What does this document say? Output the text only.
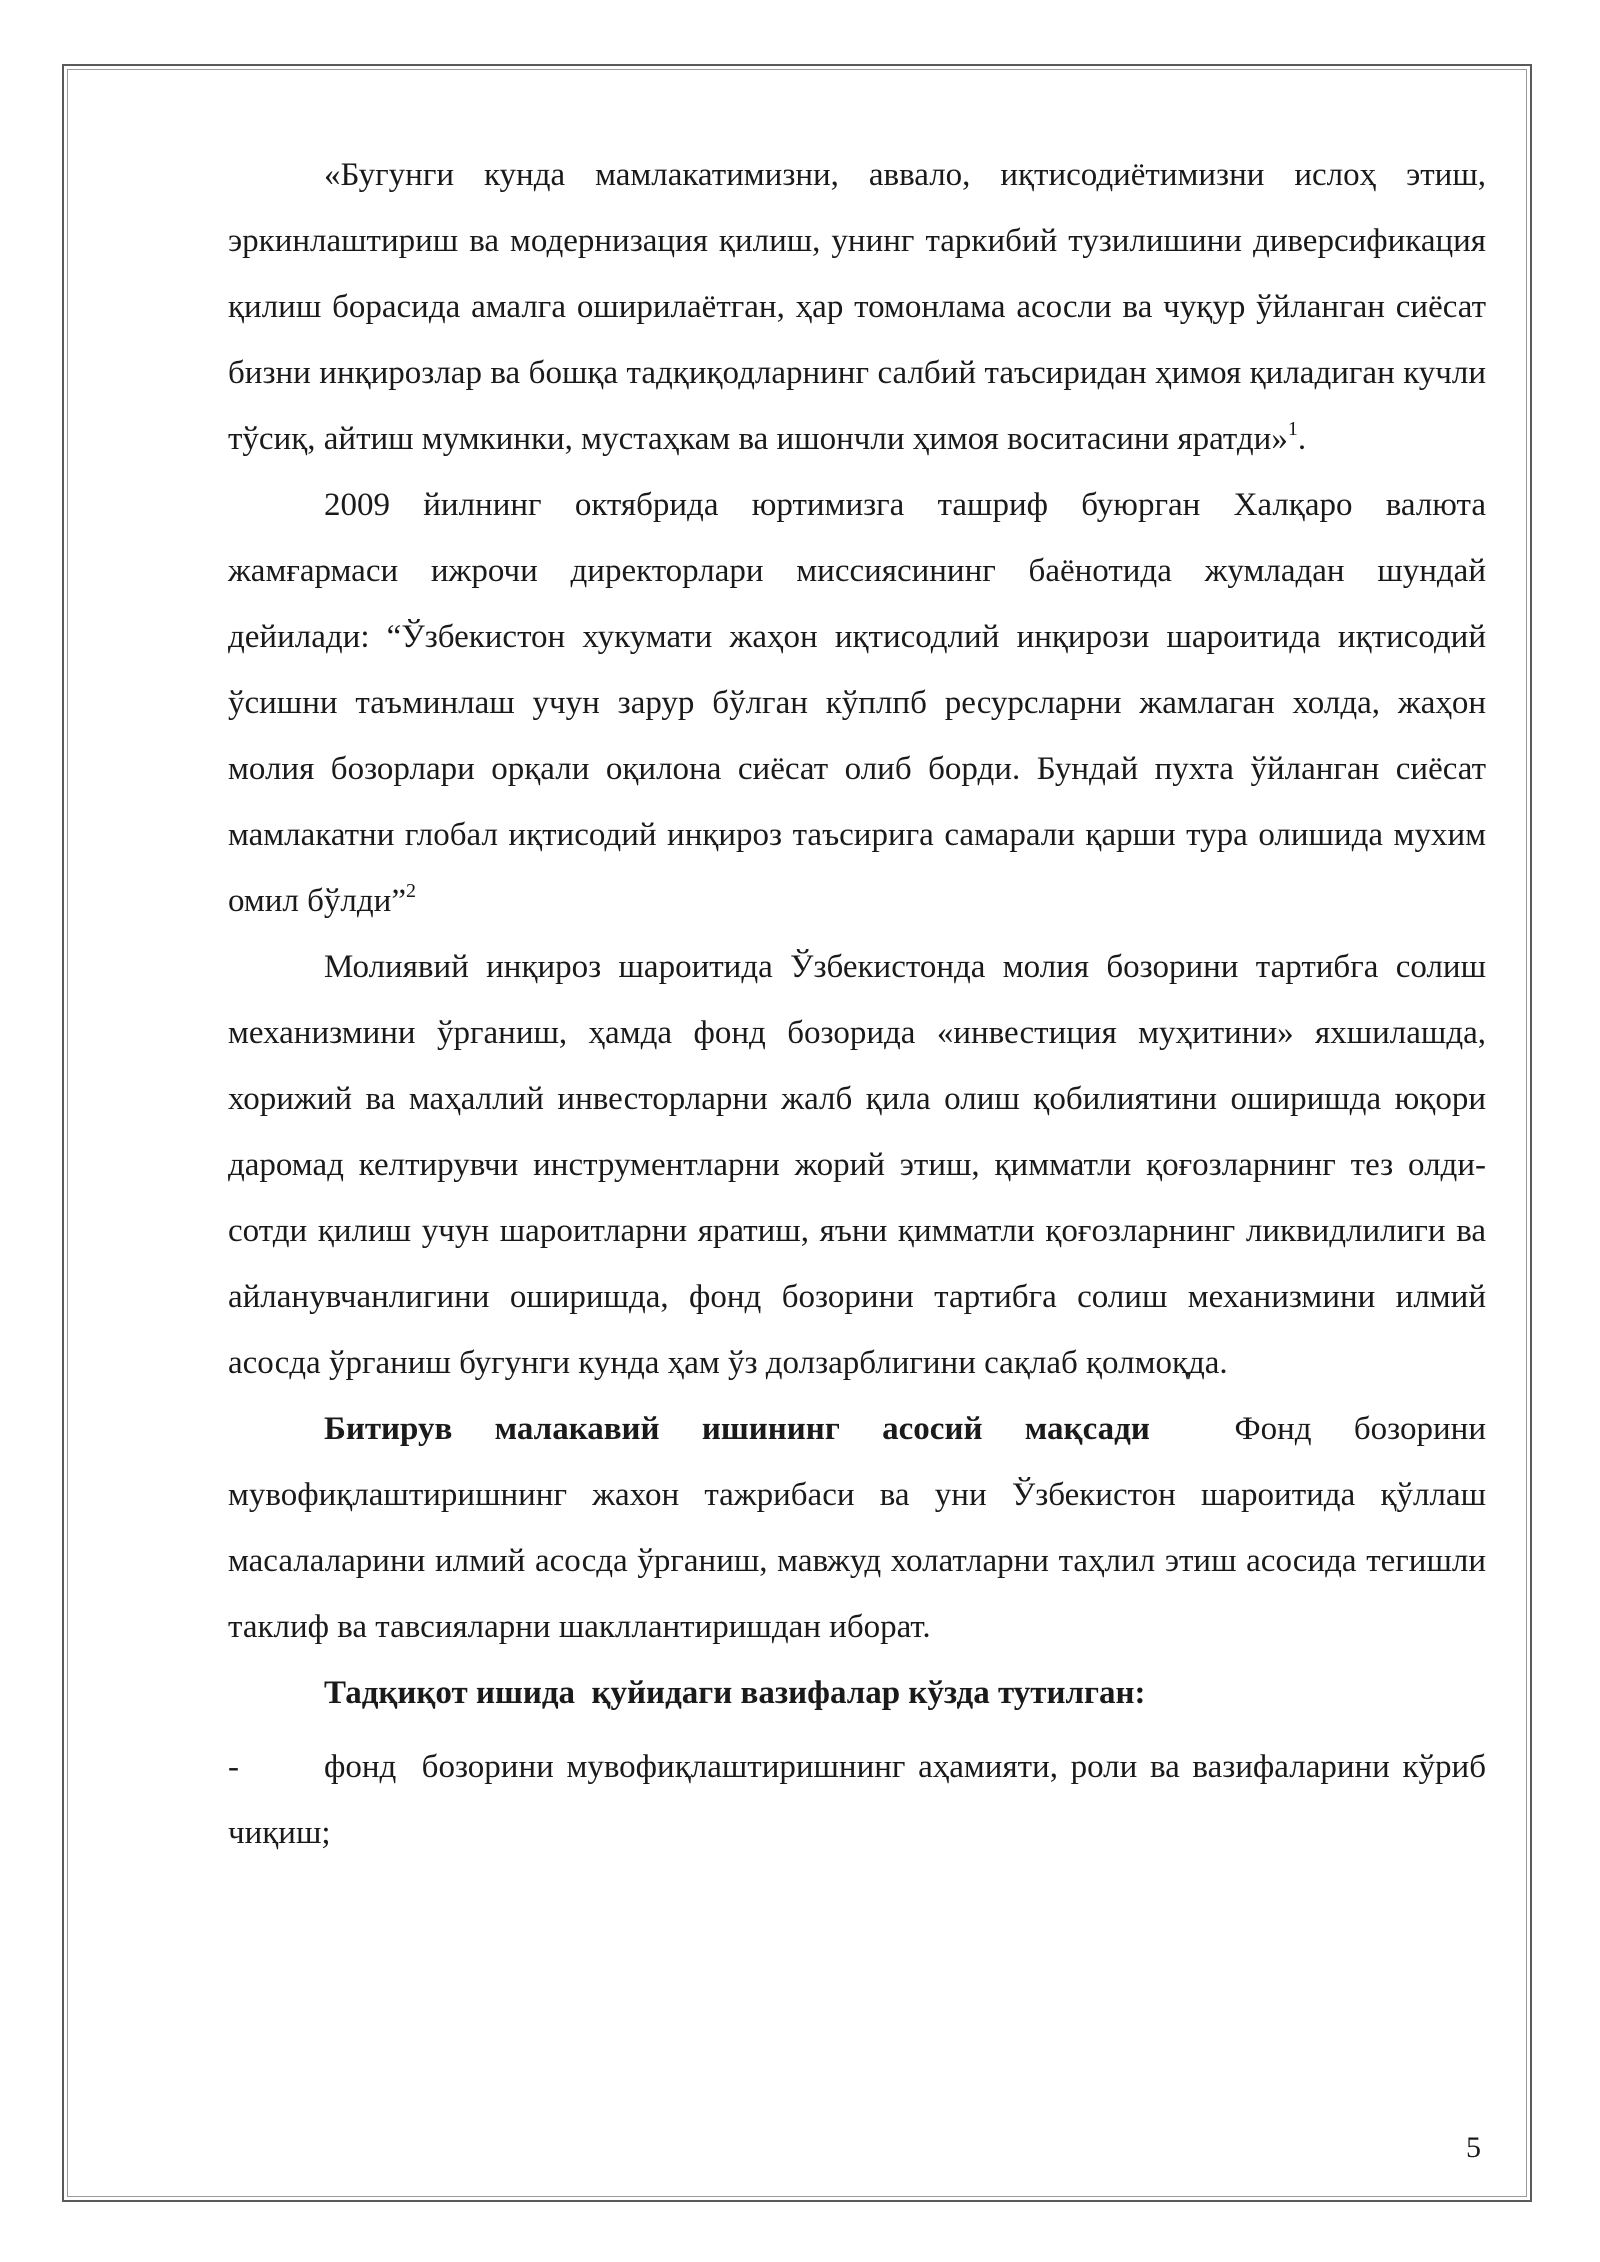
«Бугунги кунда мамлакатимизни, аввало, иқтисодиётимизни ислоҳ этиш, эркинлаштириш ва модернизация қилиш, унинг таркибий тузилишини диверсификация қилиш борасида амалга оширилаётган, ҳар томонлама асосли ва чуқур ўйланган сиёсат бизни инқирозлар ва бошқа тадқиқодларнинг салбий таъсиридан ҳимоя қиладиган кучли тўсиқ, айтиш мумкинки, мустаҳкам ва ишончли ҳимоя воситасини яратди»$^1$.

2009 йилнинг октябрида юртимизга ташриф буюрган Халқаро валюта жамғармаси ижрочи директорлари миссиясининг баёнотида жумладан шундай дейилади: “Ўзбекистон хукумати жаҳон иқтисодлий инқирози шароитида иқтисодий ўсишни таъминлаш учун зарур бўлган кўплпб ресурсларни жамлаган холда, жаҳон молия бозорлари орқали оқилона сиёсат олиб борди. Бундай пухта ўйланган сиёсат мамлакатни глобал иқтисодий инқироз таъсирига самарали қарши тура олишида мухим омил бўлди”$^2$

Молиявий инқироз шароитида Ўзбекистонда молия бозорини тартибга солиш механизмини ўрганиш, ҳамда фонд бозорида «инвестиция муҳитини» яхшилашда, хорижий ва маҳаллий инвесторларни жалб қила олиш қобилиятини оширишда юқори даромад келтирувчи инструментларни жорий этиш, қимматли қоғозларнинг тез олди-сотди қилиш учун шароитларни яратиш, яъни қимматли қоғозларнинг ликвидлилиги ва айланувчанлигини оширишда, фонд бозорини тартибга солиш механизмини илмий асосда ўрганиш бугунги кунда ҳам ўз долзарблигини сақлаб қолмоқда.

Битирув малакавий ишининг асосий мақсади  Фонд бозорини мувофиқлаштиришнинг жахон тажрибаси ва уни Ўзбекистон шароитида қўллаш масалаларини илмий асосда ўрганиш, мавжуд холатларни таҳлил этиш асосида тегишли таклиф ва тавсияларни шакллантиришдан иборат.

Тадқиқот ишида  қуйидаги вазифалар кўзда тутилган:

-	фонд  бозорини мувофиқлаштиришнинг аҳамияти, роли ва вазифаларини кўриб чиқиш;

5
